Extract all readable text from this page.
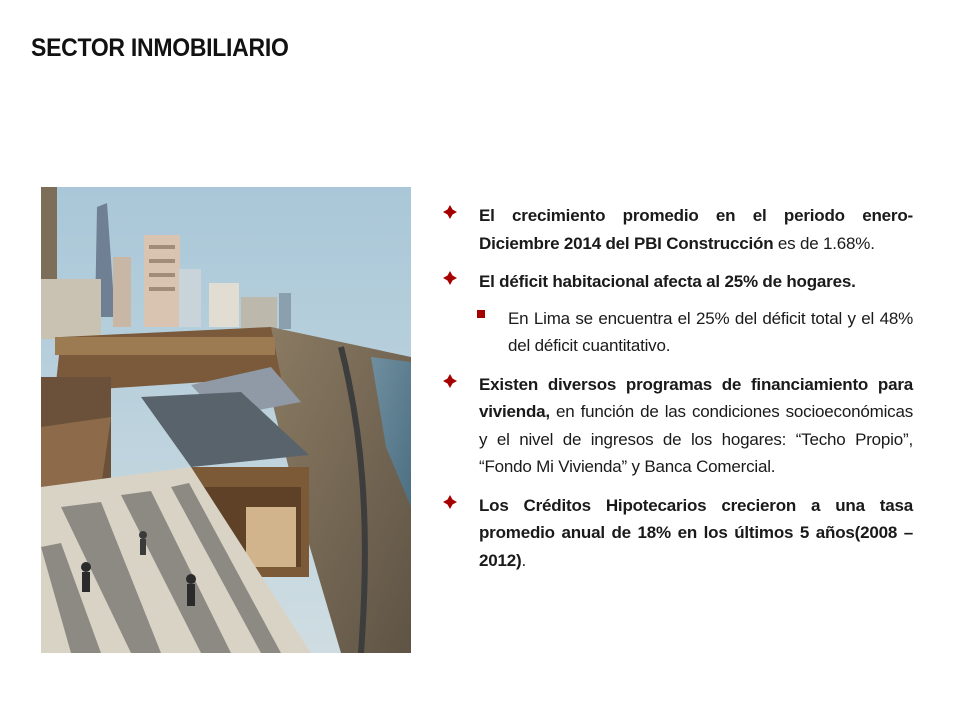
SECTOR INMOBILIARIO

El crecimiento promedio en el periodo enero- Diciembre 2014 del PBI Construcción es de 1.68%.

El déficit habitacional afecta al 25% de hogares.

En Lima se encuentra el 25% del déficit total y el 48% del déficit cuantitativo.

Existen diversos programas de financiamiento para vivienda, en función de las condiciones socioeconómicas y el nivel de ingresos de los hogares: “Techo Propio”, “Fondo Mi Vivienda” y Banca Comercial.

Los Créditos Hipotecarios crecieron a una tasa promedio anual de 18% en los últimos 5 años(2008 – 2012).
